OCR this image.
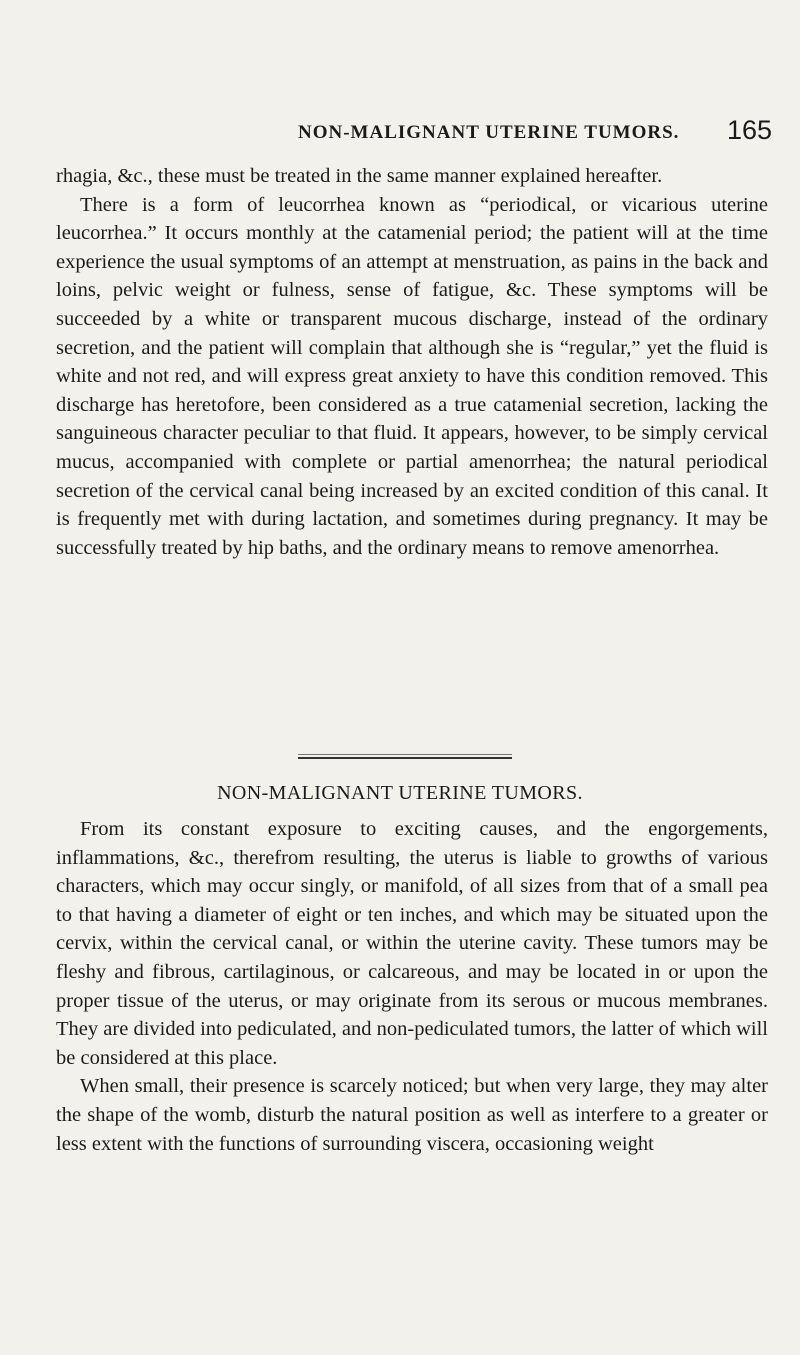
NON-MALIGNANT UTERINE TUMORS. 165

rhagia, &c., these must be treated in the same manner explained hereafter.

There is a form of leucorrhea known as “periodical, or vicarious uterine leucorrhea.” It occurs monthly at the catamenial period; the patient will at the time experience the usual symptoms of an attempt at menstruation, as pains in the back and loins, pelvic weight or fulness, sense of fatigue, &c. These symptoms will be succeeded by a white or transparent mucous discharge, instead of the ordinary secretion, and the patient will complain that although she is “regular,” yet the fluid is white and not red, and will express great anxiety to have this condition removed. This discharge has heretofore, been considered as a true catamenial secretion, lacking the sanguineous character peculiar to that fluid. It appears, however, to be simply cervical mucus, accompanied with complete or partial amenorrhea; the natural periodical secretion of the cervical canal being increased by an excited condition of this canal. It is frequently met with during lactation, and sometimes during pregnancy. It may be successfully treated by hip baths, and the ordinary means to remove amenorrhea.

NON-MALIGNANT UTERINE TUMORS.

From its constant exposure to exciting causes, and the engorgements, inflammations, &c., therefrom resulting, the uterus is liable to growths of various characters, which may occur singly, or manifold, of all sizes from that of a small pea to that having a diameter of eight or ten inches, and which may be situated upon the cervix, within the cervical canal, or within the uterine cavity. These tumors may be fleshy and fibrous, cartilaginous, or calcareous, and may be located in or upon the proper tissue of the uterus, or may originate from its serous or mucous membranes. They are divided into pediculated, and non-pediculated tumors, the latter of which will be considered at this place.

When small, their presence is scarcely noticed; but when very large, they may alter the shape of the womb, disturb the natural position as well as interfere to a greater or less extent with the functions of surrounding viscera, occasioning weight
